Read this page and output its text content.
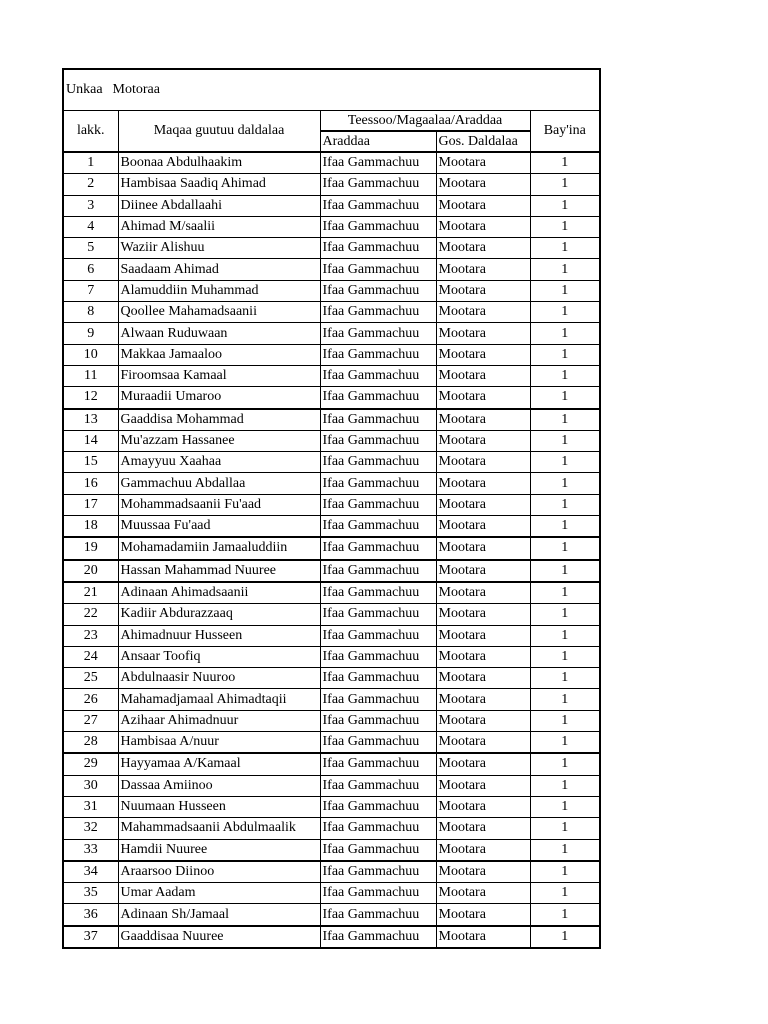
Unkaa Motoraa				
lakk.	Maqaa guutuu daldalaa	Teessoo/Magaalaa/Araddaa		Bay'ina
		Araddaa	Gos. Daldalaa	
1	Boonaa Abdulhaakim	Ifaa Gammachuu	Mootara	1
2	Hambisaa Saadiq Ahimad	Ifaa Gammachuu	Mootara	1
3	Diinee Abdallaahi	Ifaa Gammachuu	Mootara	1
4	Ahimad M/saalii	Ifaa Gammachuu	Mootara	1
5	Waziir Alishuu	Ifaa Gammachuu	Mootara	1
6	Saadaam Ahimad	Ifaa Gammachuu	Mootara	1
7	Alamuddiin Muhammad	Ifaa Gammachuu	Mootara	1
8	Qoollee Mahamadsaanii	Ifaa Gammachuu	Mootara	1
9	Alwaan Ruduwaan	Ifaa Gammachuu	Mootara	1
10	Makkaa Jamaaloo	Ifaa Gammachuu	Mootara	1
11	Firoomsaa Kamaal	Ifaa Gammachuu	Mootara	1
12	Muraadii Umaroo	Ifaa Gammachuu	Mootara	1
13	Gaaddisa Mohammad	Ifaa Gammachuu	Mootara	1
14	Mu'azzam Hassanee	Ifaa Gammachuu	Mootara	1
15	Amayyuu Xaahaa	Ifaa Gammachuu	Mootara	1
16	Gammachuu Abdallaa	Ifaa Gammachuu	Mootara	1
17	Mohammadsaanii Fu'aad	Ifaa Gammachuu	Mootara	1
18	Muussaa Fu'aad	Ifaa Gammachuu	Mootara	1
19	Mohamadamiin Jamaaluddiin	Ifaa Gammachuu	Mootara	1
20	Hassan Mahammad Nuuree	Ifaa Gammachuu	Mootara	1
21	Adinaan Ahimadsaanii	Ifaa Gammachuu	Mootara	1
22	Kadiir Abdurazzaaq	Ifaa Gammachuu	Mootara	1
23	Ahimadnuur Husseen	Ifaa Gammachuu	Mootara	1
24	Ansaar Toofiq	Ifaa Gammachuu	Mootara	1
25	Abdulnaasir Nuuroo	Ifaa Gammachuu	Mootara	1
26	Mahamadjamaal Ahimadtaqii	Ifaa Gammachuu	Mootara	1
27	Azihaar Ahimadnuur	Ifaa Gammachuu	Mootara	1
28	Hambisaa A/nuur	Ifaa Gammachuu	Mootara	1
29	Hayyamaa A/Kamaal	Ifaa Gammachuu	Mootara	1
30	Dassaa Amiinoo	Ifaa Gammachuu	Mootara	1
31	Nuumaan Husseen	Ifaa Gammachuu	Mootara	1
32	Mahammadsaanii Abdulmaalik	Ifaa Gammachuu	Mootara	1
33	Hamdii Nuuree	Ifaa Gammachuu	Mootara	1
34	Araarsoo Diinoo	Ifaa Gammachuu	Mootara	1
35	Umar Aadam	Ifaa Gammachuu	Mootara	1
36	Adinaan Sh/Jamaal	Ifaa Gammachuu	Mootara	1
37	Gaaddisaa Nuuree	Ifaa Gammachuu	Mootara	1
